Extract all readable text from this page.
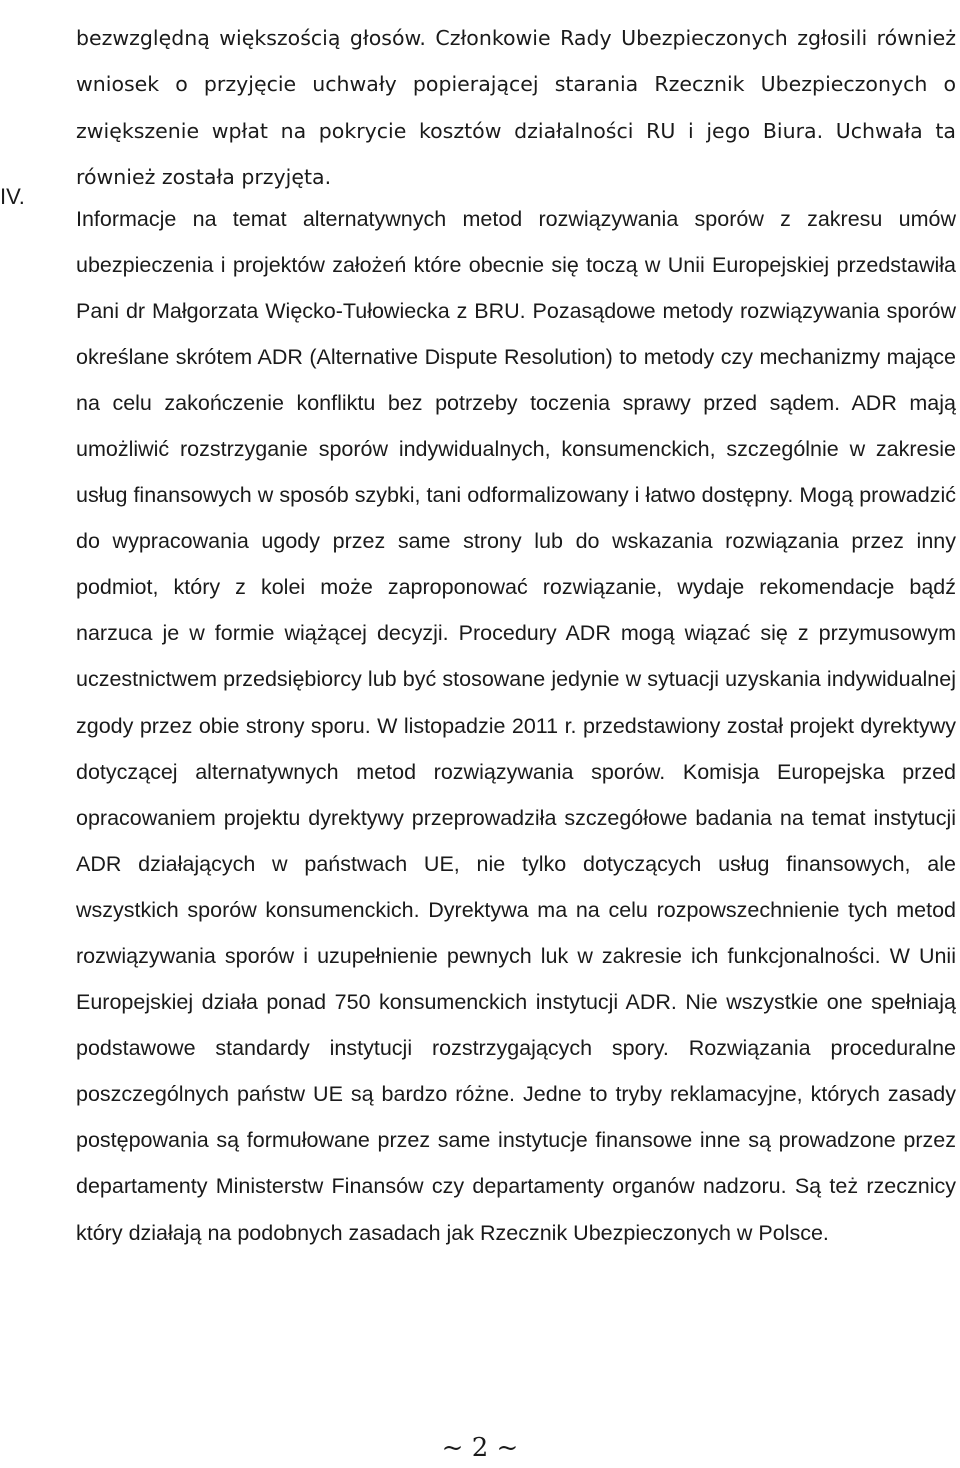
bezwzględną większością głosów. Członkowie Rady Ubezpieczonych zgłosili również wniosek o przyjęcie uchwały popierającej starania Rzecznik Ubezpieczonych o zwiększenie wpłat na pokrycie kosztów działalności RU i jego Biura. Uchwała ta również została przyjęta.

IV.

Informacje na temat alternatywnych metod rozwiązywania sporów z zakresu umów ubezpieczenia i projektów założeń które obecnie się toczą w Unii Europejskiej przedstawiła Pani dr Małgorzata Więcko-Tułowiecka z BRU. Pozasądowe metody rozwiązywania sporów określane skrótem ADR (Alternative Dispute Resolution) to metody czy mechanizmy mające na celu zakończenie konfliktu bez potrzeby toczenia sprawy przed sądem. ADR mają umożliwić rozstrzyganie sporów indywidualnych, konsumenckich, szczególnie w zakresie usług finansowych w sposób szybki, tani odformalizowany i łatwo dostępny. Mogą prowadzić do wypracowania ugody przez same strony lub do wskazania rozwiązania przez inny podmiot, który z kolei może zaproponować rozwiązanie, wydaje rekomendacje bądź narzuca je w formie wiążącej decyzji. Procedury ADR mogą wiązać się z przymusowym uczestnictwem przedsiębiorcy lub być stosowane jedynie w sytuacji uzyskania indywidualnej zgody przez obie strony sporu. W listopadzie 2011 r. przedstawiony został projekt dyrektywy dotyczącej alternatywnych metod rozwiązywania sporów. Komisja Europejska przed opracowaniem projektu dyrektywy przeprowadziła szczegółowe badania na temat instytucji ADR działających w państwach UE, nie tylko dotyczących usług finansowych, ale wszystkich sporów konsumenckich. Dyrektywa ma na celu rozpowszechnienie tych metod rozwiązywania sporów i uzupełnienie pewnych luk w zakresie ich funkcjonalności. W Unii Europejskiej działa ponad 750 konsumenckich instytucji ADR. Nie wszystkie one spełniają podstawowe standardy instytucji rozstrzygających spory. Rozwiązania proceduralne poszczególnych państw UE są bardzo różne. Jedne to tryby reklamacyjne, których zasady postępowania są formułowane przez same instytucje finansowe inne są prowadzone przez departamenty Ministerstw Finansów czy departamenty organów nadzoru. Są też rzecznicy który działają na podobnych zasadach jak Rzecznik Ubezpieczonych w Polsce.

~ 2 ~
